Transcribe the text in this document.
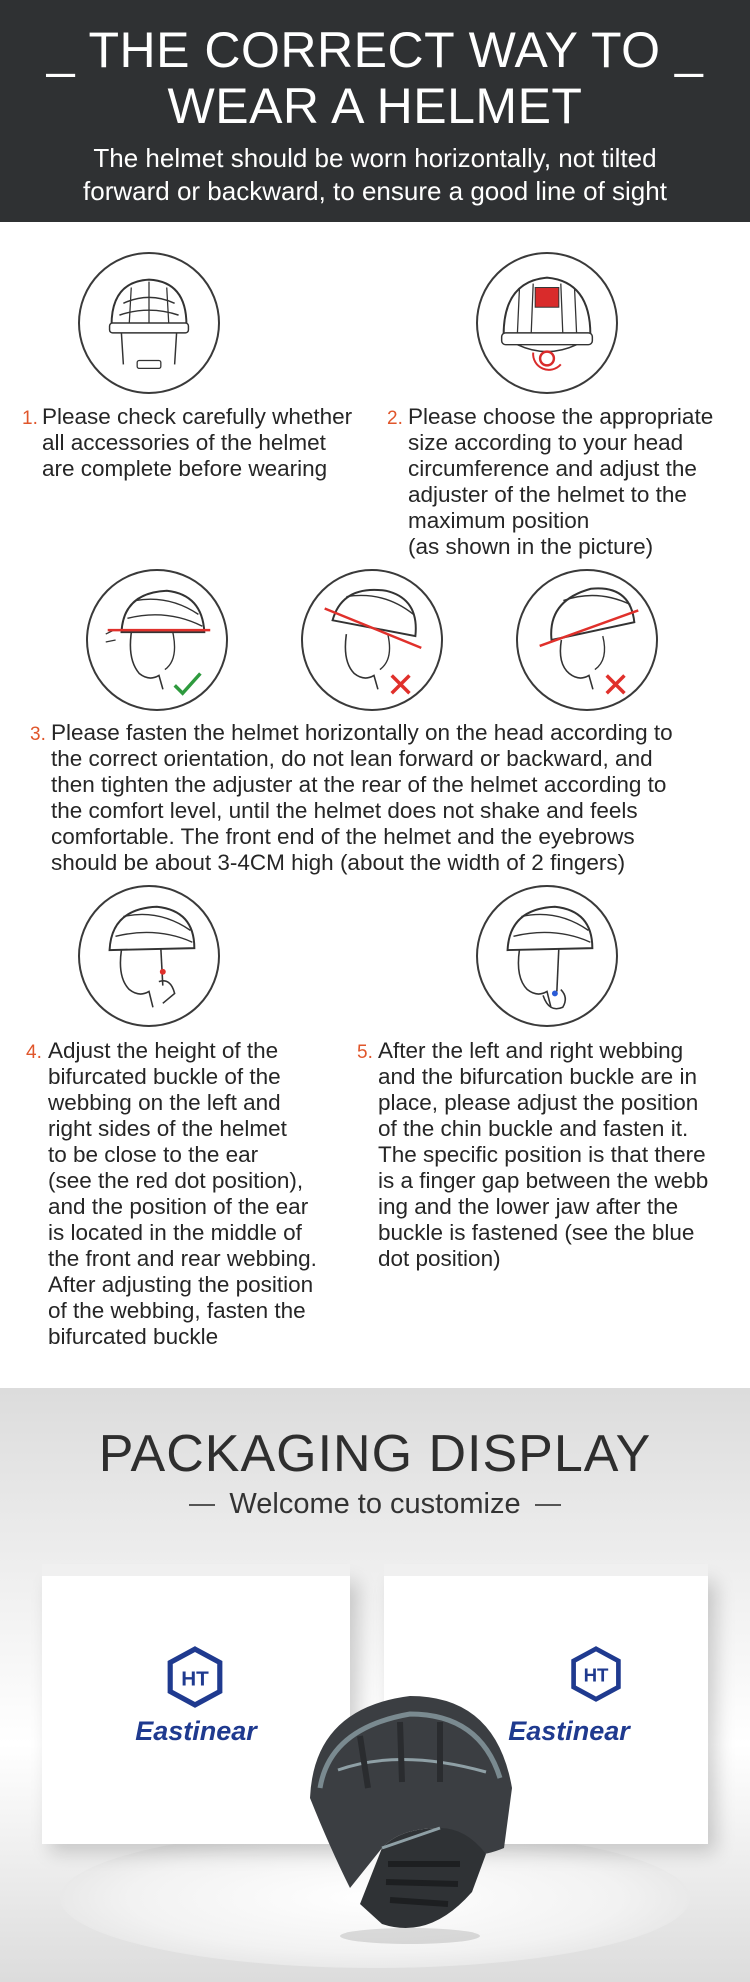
_ THE CORRECT WAY TO _
WEAR A HELMET
The helmet should be worn horizontally, not tilted
forward or backward, to ensure a good line of sight
1. Please check carefully whether
all accessories of the helmet
are complete before wearing
2. Please choose the appropriate
size according to your head
circumference and adjust the
adjuster of the helmet to the
maximum position
(as shown in the picture)
3. Please fasten the helmet horizontally on the head according to
the correct orientation, do not lean forward or backward, and
then tighten the adjuster at the rear of the helmet according to
the comfort level, until the helmet does not shake and feels
comfortable. The front end of the helmet and the eyebrows
should be about 3-4CM high (about the width of 2 fingers)
4. Adjust the height of the
bifurcated buckle of the
webbing on the left and
right sides of the helmet
to be close to the ear
(see the red dot position),
and the position of the ear
is located in the middle of
the front and rear webbing.
After adjusting the position
of the webbing, fasten the
bifurcated buckle
5. After the left and right webbing
and the bifurcation buckle are in
place, please adjust the position
of the chin buckle and fasten it.
The specific position is that there
is a finger gap between the webb
ing and the lower jaw after the
buckle is fastened (see the blue
dot position)
PACKAGING DISPLAY
Welcome to customize
HT
Eastinear
HT
Eastinear
